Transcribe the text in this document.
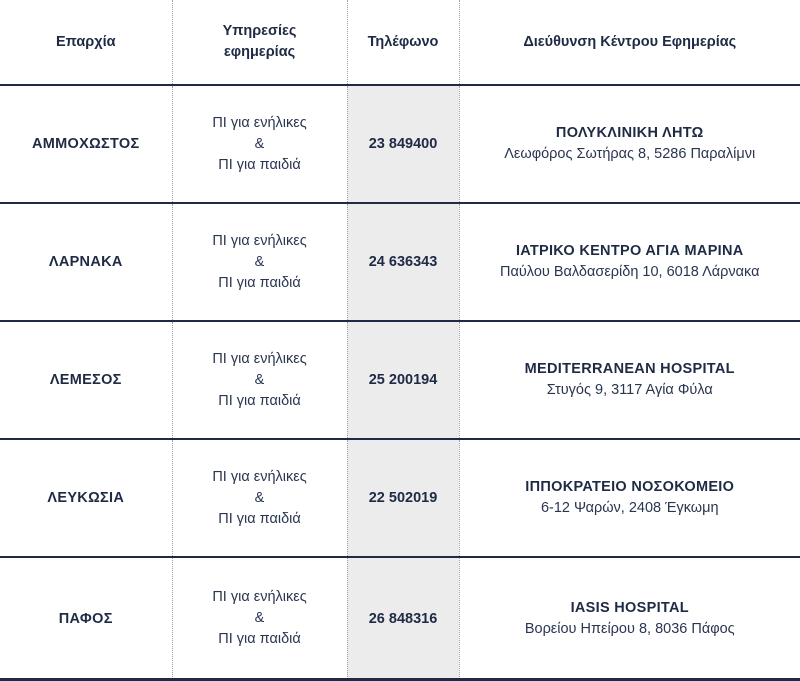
Επαρχία	Υπηρεσίες
εφημερίας	Τηλέφωνο	Διεύθυνση Κέντρου Εφημερίας
ΑΜΜΟΧΩΣΤΟΣ	ΠΙ για ενήλικες
&
ΠΙ για παιδιά	23 849400	ΠΟΛΥΚΛΙΝΙΚΗ ΛΗΤΩ
Λεωφόρος Σωτήρας 8, 5286 Παραλίμνι

ΛΑΡΝΑΚΑ	ΠΙ για ενήλικες
&
ΠΙ για παιδιά	24 636343	ΙΑΤΡΙΚΟ ΚΕΝΤΡΟ ΑΓΙΑ ΜΑΡΙΝΑ
Παύλου Βαλδασερίδη 10, 6018 Λάρνακα

ΛΕΜΕΣΟΣ	ΠΙ για ενήλικες
&
ΠΙ για παιδιά	25 200194	MEDITERRANEAN HOSPITAL
Στυγός 9, 3117 Αγία Φύλα

ΛΕΥΚΩΣΙΑ	ΠΙ για ενήλικες
&
ΠΙ για παιδιά	22 502019	ΙΠΠΟΚΡΑΤΕΙΟ ΝΟΣΟΚΟΜΕΙΟ
6-12 Ψαρών, 2408 Έγκωμη

ΠΑΦΟΣ	ΠΙ για ενήλικες
&
ΠΙ για παιδιά	26 848316	IASIS HOSPITAL
Βορείου Ηπείρου 8, 8036 Πάφος
